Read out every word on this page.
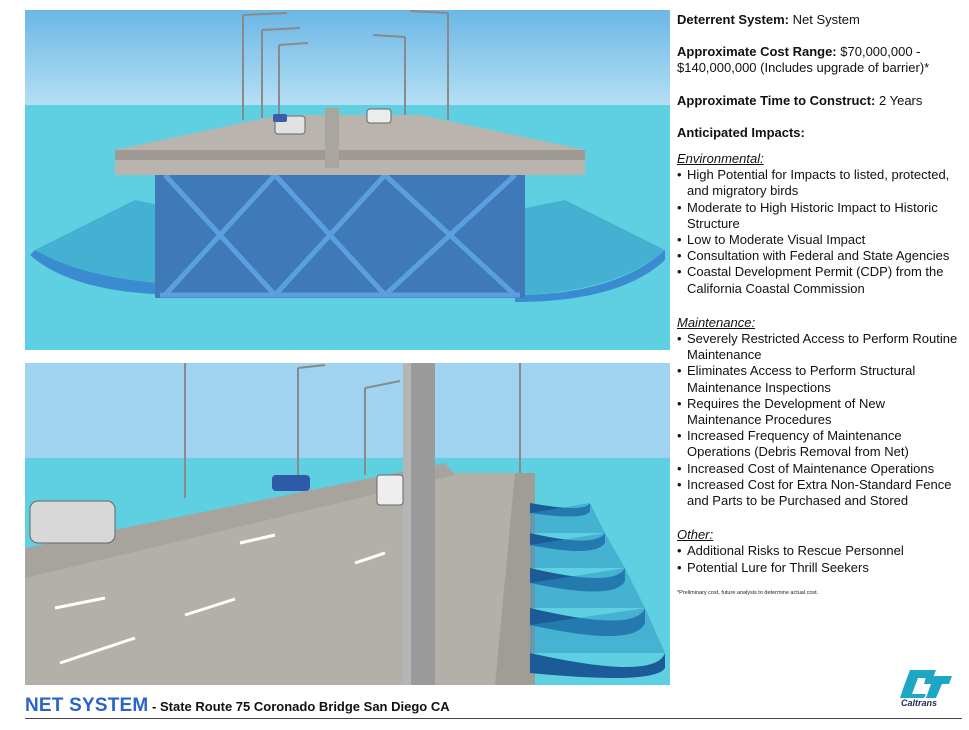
Deterrent System: Net System
Approximate Cost Range: $70,000,000 - $140,000,000 (Includes upgrade of barrier)*
Approximate Time to Construct: 2 Years
Anticipated Impacts:
Environmental:
• High Potential for Impacts to listed, protected, and migratory birds
• Moderate to High Historic Impact to Historic Structure
• Low to Moderate Visual Impact
• Consultation with Federal and State Agencies
• Coastal Development Permit (CDP) from the California Coastal Commission
Maintenance:
• Severely Restricted Access to Perform Routine Maintenance
• Eliminates Access to Perform Structural Maintenance Inspections
• Requires the Development of New Maintenance Procedures
• Increased Frequency of Maintenance Operations (Debris Removal from Net)
• Increased Cost of Maintenance Operations
• Increased Cost for Extra Non-Standard Fence and Parts to be Purchased and Stored
Other:
• Additional Risks to Rescue Personnel
• Potential Lure for Thrill Seekers
*Preliminary cost, future analysis to determine actual cost.
NET SYSTEM - State Route 75 Coronado Bridge San Diego CA	Caltrans
